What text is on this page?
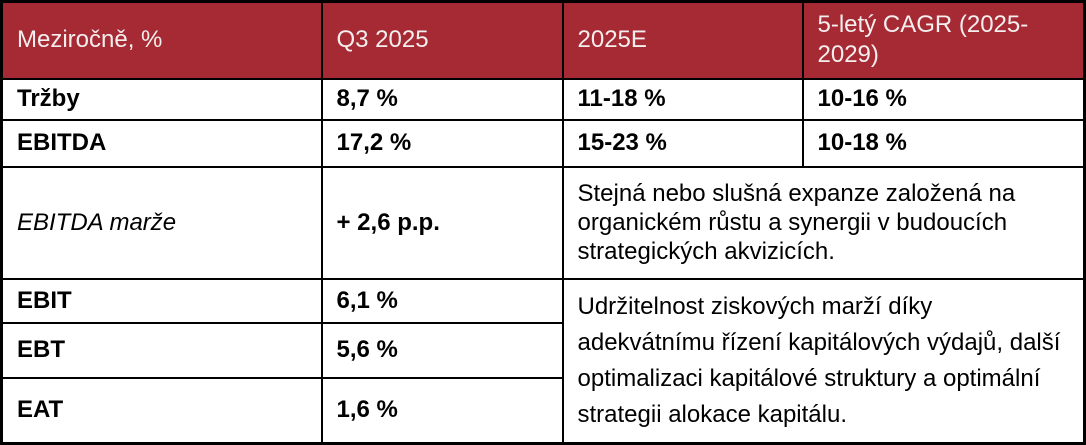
Meziročně, %	Q3 2025	2025E	5-letý CAGR (2025-2029)
Tržby	8,7 %	11-18 %	10-16 %
EBITDA	17,2 %	15-23 %	10-18 %
EBITDA marže	+ 2,6 p.p.	Stejná nebo slušná expanze založená na organickém růstu a synergii v budoucích strategických akvizicích.	
EBIT	6,1 %	Udržitelnost ziskových marží díky adekvátnímu řízení kapitálových výdajů, další optimalizaci kapitálové struktury a optimální strategii alokace kapitálu.	
EBT	5,6 %		
EAT	1,6 %		
